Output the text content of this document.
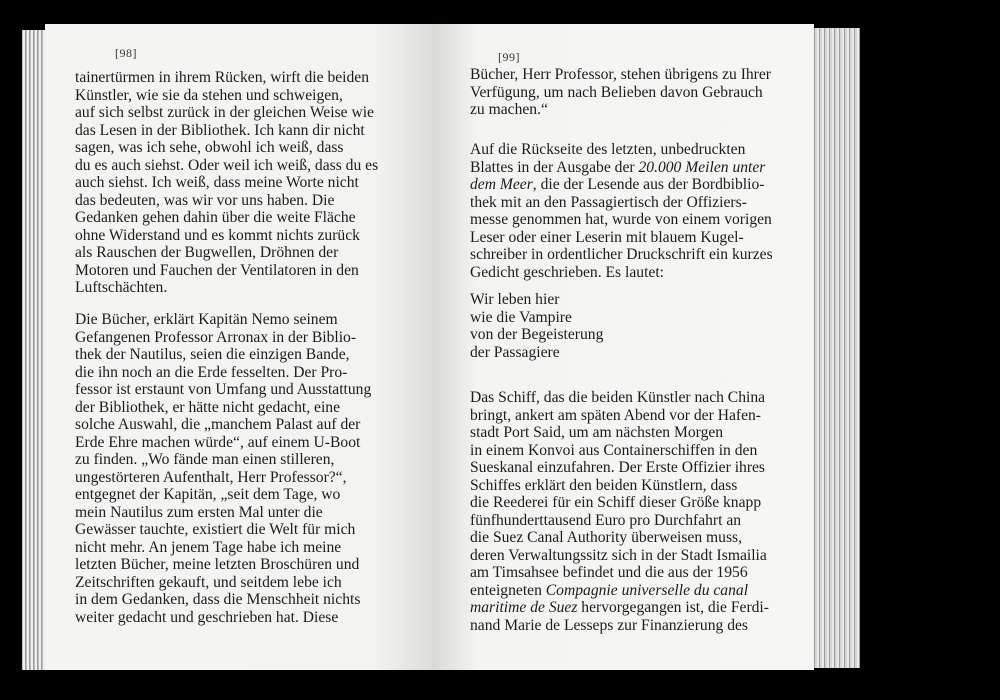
[98]
tainertürmen in ihrem Rücken, wirft die beiden
Künstler, wie sie da stehen und schweigen,
auf sich selbst zurück in der gleichen Weise wie
das Lesen in der Bibliothek. Ich kann dir nicht
sagen, was ich sehe, obwohl ich weiß, dass
du es auch siehst. Oder weil ich weiß, dass du es
auch siehst. Ich weiß, dass meine Worte nicht
das bedeuten, was wir vor uns haben. Die
Gedanken gehen dahin über die weite Fläche
ohne Widerstand und es kommt nichts zurück
als Rauschen der Bugwellen, Dröhnen der
Motoren und Fauchen der Ventilatoren in den
Luftschächten.
Die Bücher, erklärt Kapitän Nemo seinem
Gefangenen Professor Arronax in der Biblio-
thek der Nautilus, seien die einzigen Bande,
die ihn noch an die Erde fesselten. Der Pro-
fessor ist erstaunt von Umfang und Ausstattung
der Bibliothek, er hätte nicht gedacht, eine
solche Auswahl, die „manchem Palast auf der
Erde Ehre machen würde“, auf einem U-Boot
zu finden. „Wo fände man einen stilleren,
ungestörteren Aufenthalt, Herr Professor?“,
entgegnet der Kapitän, „seit dem Tage, wo
mein Nautilus zum ersten Mal unter die
Gewässer tauchte, existiert die Welt für mich
nicht mehr. An jenem Tage habe ich meine
letzten Bücher, meine letzten Broschüren und
Zeitschriften gekauft, und seitdem lebe ich
in dem Gedanken, dass die Menschheit nichts
weiter gedacht und geschrieben hat. Diese
[99]
Bücher, Herr Professor, stehen übrigens zu Ihrer
Verfügung, um nach Belieben davon Gebrauch
zu machen.“
Auf die Rückseite des letzten, unbedruckten
Blattes in der Ausgabe der 20.000 Meilen unter
dem Meer, die der Lesende aus der Bordbiblio-
thek mit an den Passagiertisch der Offiziers-
messe genommen hat, wurde von einem vorigen
Leser oder einer Leserin mit blauem Kugel-
schreiber in ordentlicher Druckschrift ein kurzes
Gedicht geschrieben. Es lautet:
Wir leben hier
wie die Vampire
von der Begeisterung
der Passagiere
Das Schiff, das die beiden Künstler nach China
bringt, ankert am späten Abend vor der Hafen-
stadt Port Said, um am nächsten Morgen
in einem Konvoi aus Containerschiffen in den
Sueskanal einzufahren. Der Erste Offizier ihres
Schiffes erklärt den beiden Künstlern, dass
die Reederei für ein Schiff dieser Größe knapp
fünfhunderttausend Euro pro Durchfahrt an
die Suez Canal Authority überweisen muss,
deren Verwaltungssitz sich in der Stadt Ismailia
am Timsahsee befindet und die aus der 1956
enteigneten Compagnie universelle du canal
maritime de Suez hervorgegangen ist, die Ferdi-
nand Marie de Lesseps zur Finanzierung des
